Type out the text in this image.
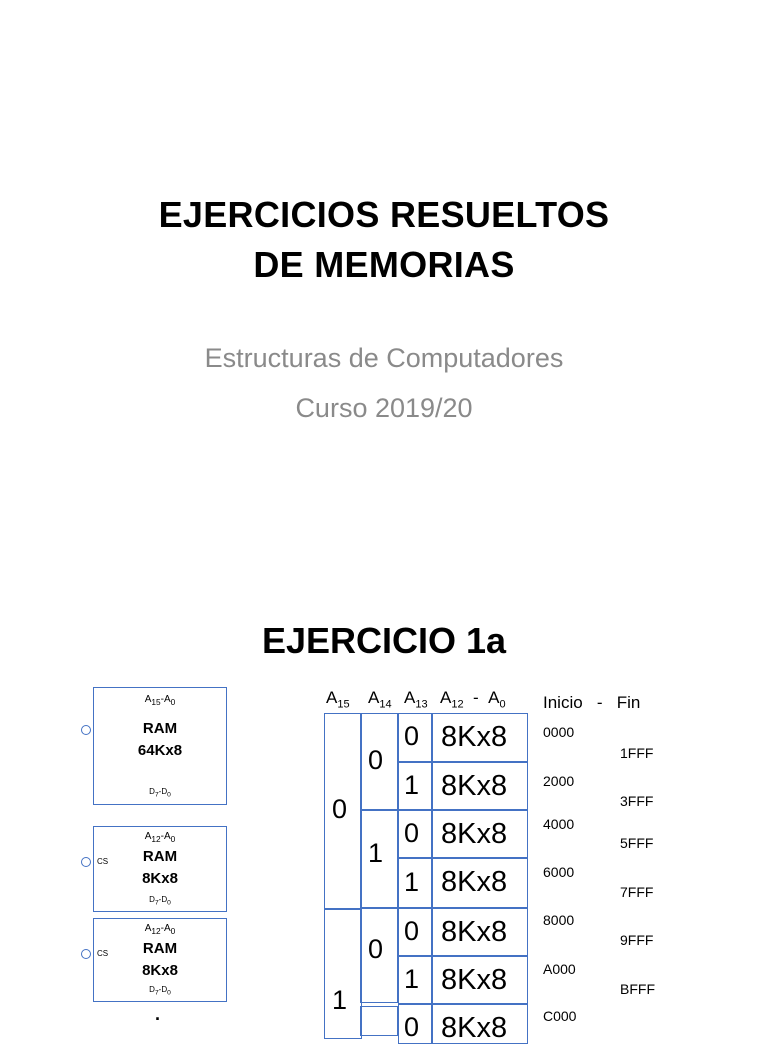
EJERCICIOS RESUELTOS
DE MEMORIAS
Estructuras de Computadores
Curso 2019/20
EJERCICIO 1a
$A_{15}-A_0$
RAM
64Kx8
$D_7-D_0$
CS
$A_{12}-A_0$
RAM
8Kx8
$D_7-D_0$
CS
$A_{12}-A_0$
RAM
8Kx8
$D_7-D_0$
.
$A_{15}$ $A_{14}$ $A_{13}$ $A_{12} - A_0$ Inicio - Fin
0
1
0
1
0
0
1
0
1
0
1
0
8Kx8
8Kx8
8Kx8
8Kx8
8Kx8
8Kx8
8Kx8
0000
2000
4000
6000
8000
A000
C000
1FFF
3FFF
5FFF
7FFF
9FFF
BFFF
